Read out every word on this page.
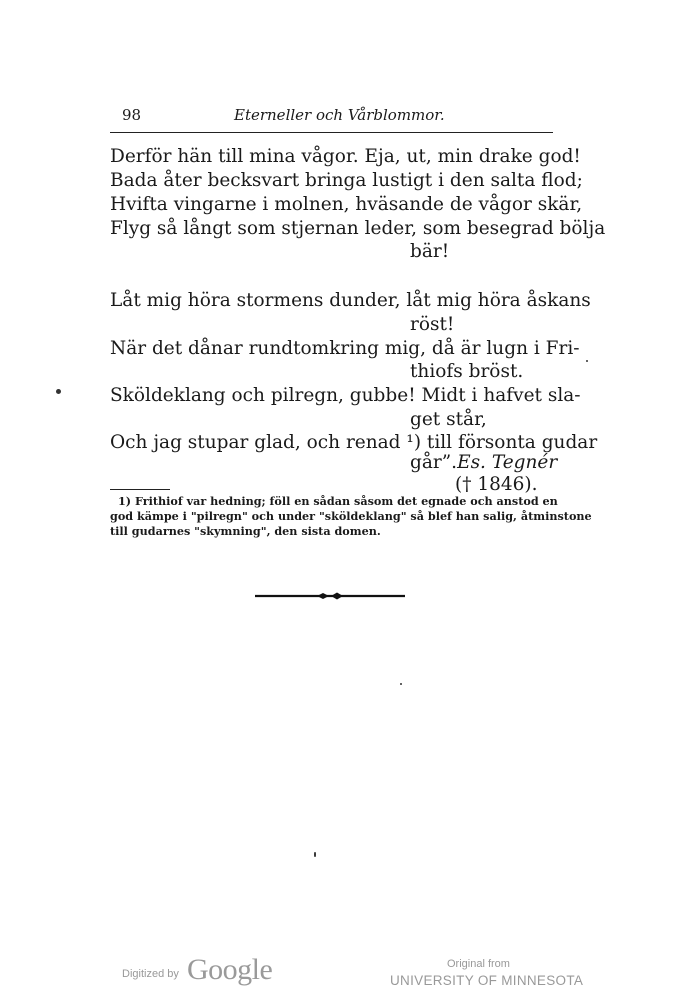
98	Eterneller och Vårblommor.
Derför hän till mina vågor. Eja, ut, min drake god!
Bada åter becksvart bringa lustigt i den salta flod;
Hvifta vingarne i molnen, hväsande de vågor skär,
Flyg så långt som stjernan leder, som besegrad bölja
bär!
Låt mig höra stormens dunder, låt mig höra åskans
röst!
När det dånar rundtomkring mig, då är lugn i Fri-
thiofs bröst.
Sköldeklang och pilregn, gubbe! Midt i hafvet sla-
get står,
Och jag stupar glad, och renad ¹) till försonta gudar
går”.Es. Tegnér
(† 1846).
1) Frithiof var hedning; föll en sådan såsom det egnade och anstod en
god kämpe i "pilregn" och under "sköldeklang" så blef han salig, åtminstone
till gudarnes "skymning", den sista domen.
Digitized by Google	Original from
UNIVERSITY OF MINNESOTA
